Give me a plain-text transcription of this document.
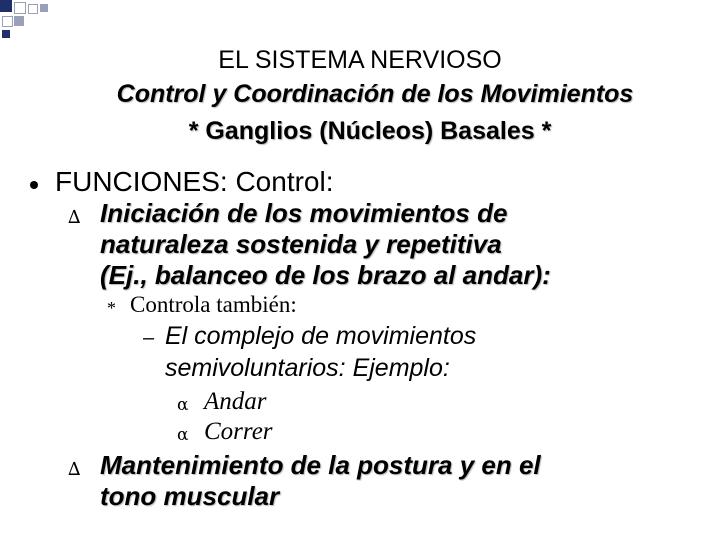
EL SISTEMA NERVIOSO
Control y Coordinación de los Movimientos
* Ganglios (Núcleos) Basales *
FUNCIONES: Control:
∆ Iniciación de los movimientos de
naturaleza sostenida y repetitiva
(Ej., balanceo de los brazo al andar):
* Controla también:
– El complejo de movimientos
semivoluntarios: Ejemplo:
α Andar
α Correr
∆ Mantenimiento de la postura y en el
tono muscular
